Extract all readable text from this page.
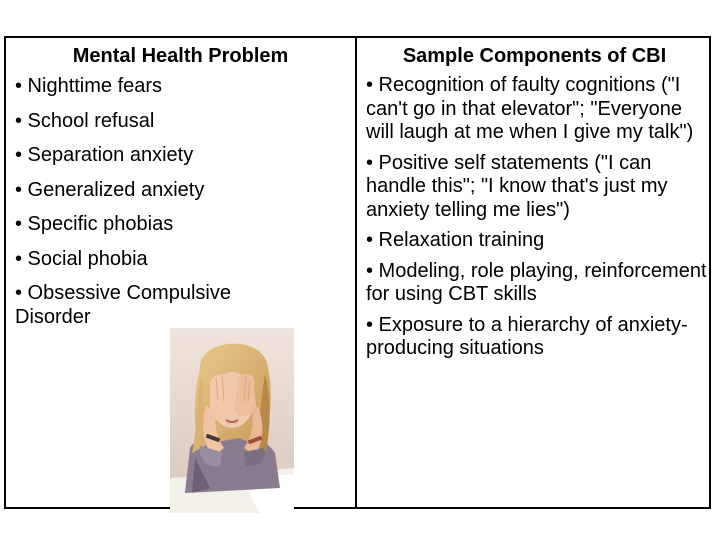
Mental Health Problem
• Nighttime fears
• School refusal
• Separation anxiety
• Generalized anxiety
• Specific phobias
• Social phobia
• Obsessive Compulsive Disorder
Sample Components of CBI
• Recognition of faulty cognitions ("I can't go in that elevator"; "Everyone will laugh at me when I give my talk")
• Positive self statements ("I can handle this"; "I know that's just my anxiety telling me lies")
• Relaxation training
• Modeling, role playing, reinforcement for using CBT skills
• Exposure to a hierarchy of anxiety-producing situations
